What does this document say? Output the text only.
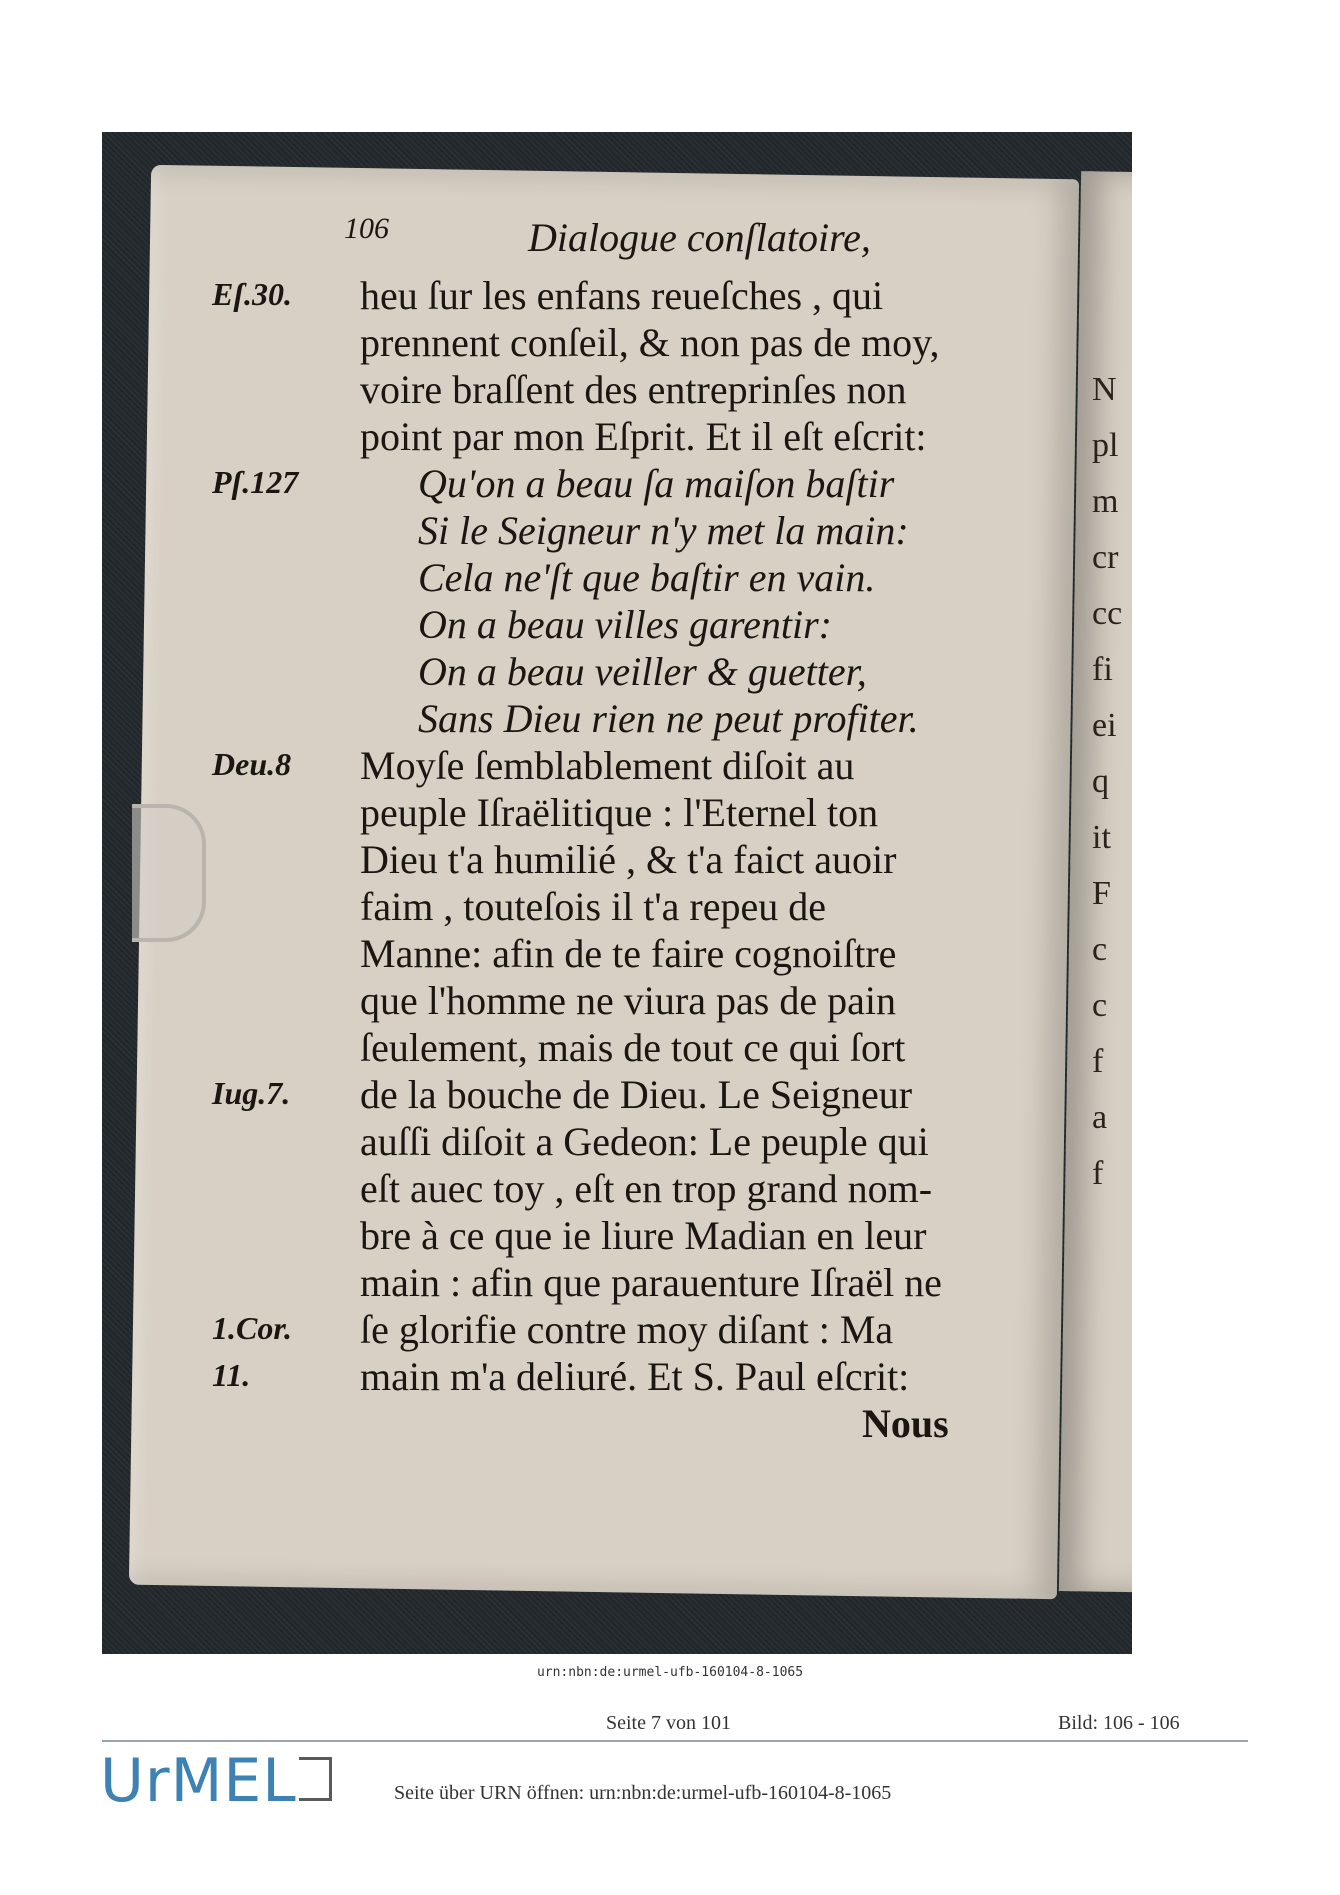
N
pl
m
cr
cc
fi
ei
q
it
F
c
c
f
a
f
106	Dialogue conſlatoire,
Eſ.30. heu ſur les enfans reueſches , qui
prennent conſeil, & non pas de moy,
voire braſſent des entreprinſes non
point par mon Eſprit. Et il eſt eſcrit:
Pſ.127	Qu'on a beau ſa maiſon baſtir
Si le Seigneur n'y met la main:
Cela ne'ſt que baſtir en vain.
On a beau villes garentir:
On a beau veiller & guetter,
Sans Dieu rien ne peut profiter.
Deu.8 Moyſe ſemblablement diſoit au
peuple Iſraëlitique : l'Eternel ton
Dieu t'a humilié , & t'a faict auoir
faim , touteſois il t'a repeu de
Manne: afin de te faire cognoiſtre
que l'homme ne viura pas de pain
ſeulement, mais de tout ce qui ſort
Iug.7. de la bouche de Dieu. Le Seigneur
auſſi diſoit a Gedeon: Le peuple qui
eſt auec toy , eſt en trop grand nom-
bre à ce que ie liure Madian en leur
main : afin que parauenture Iſraël ne
1.Cor. ſe glorifie contre moy diſant : Ma
11.	main m'a deliuré. Et S. Paul eſcrit:
Nous
urn:nbn:de:urmel-ufb-160104-8-1065
Seite 7 von 101	Bild: 106 - 106
UrMEL	Seite über URN öffnen: urn:nbn:de:urmel-ufb-160104-8-1065
